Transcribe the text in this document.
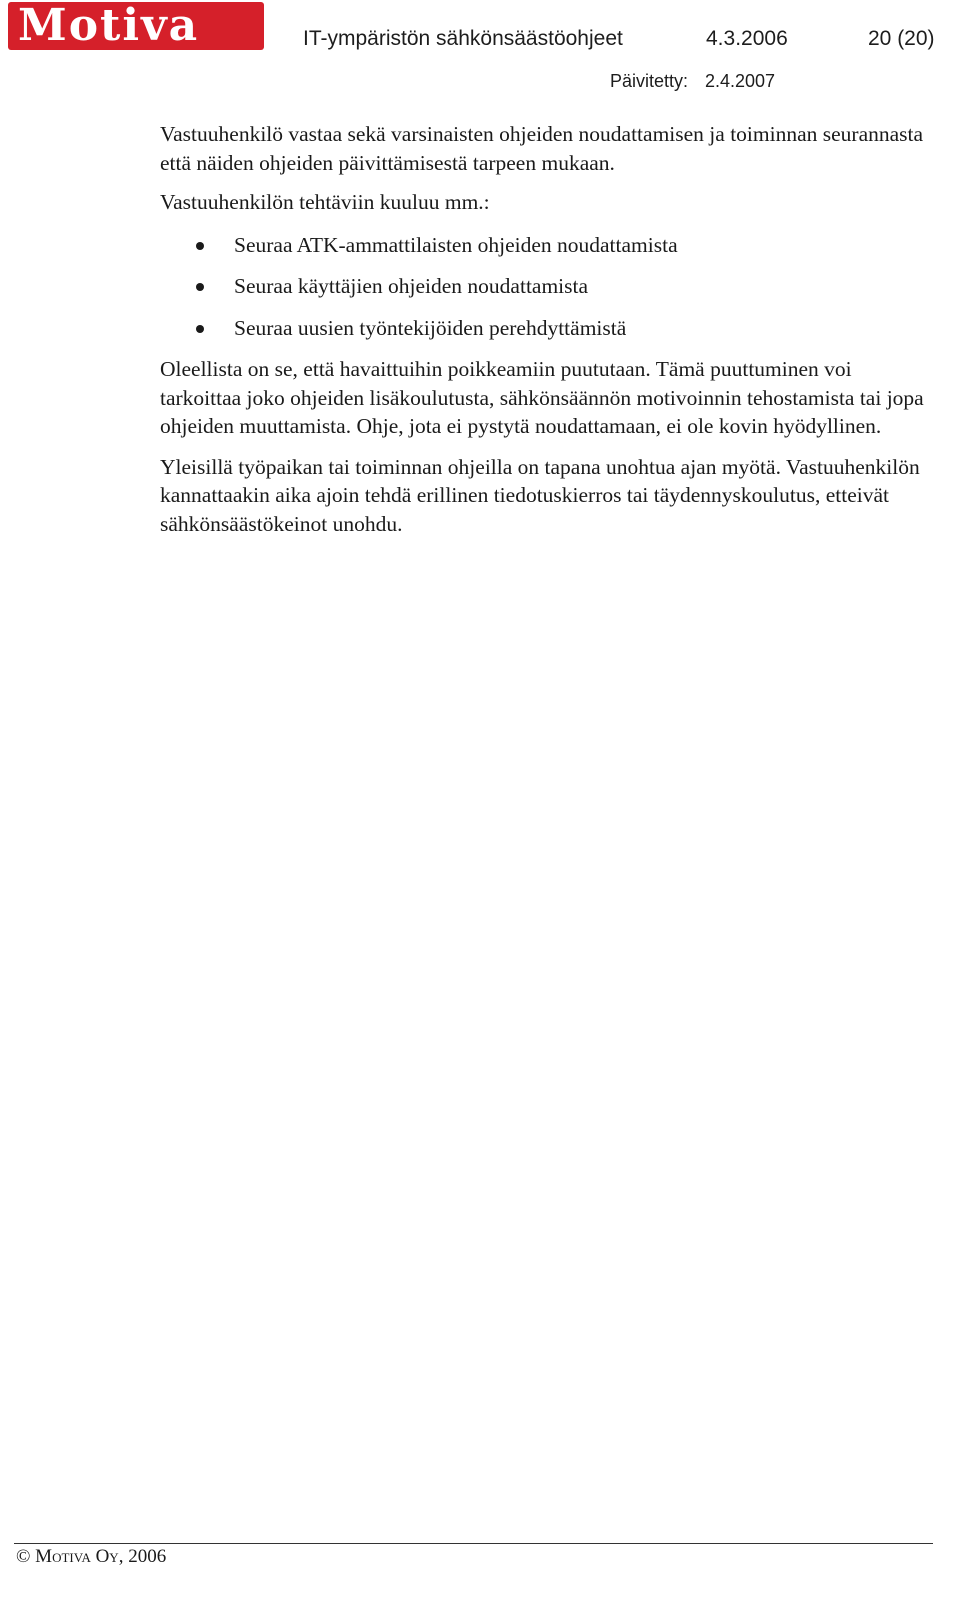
Motiva	IT-ympäristön sähkönsäästöohjeet	4.3.2006	20 (20)
Päivitetty: 2.4.2007

Vastuuhenkilö vastaa sekä varsinaisten ohjeiden noudattamisen ja toiminnan seurannasta että näiden ohjeiden päivittämisestä tarpeen mukaan.

Vastuuhenkilön tehtäviin kuuluu mm.:

Seuraa ATK-ammattilaisten ohjeiden noudattamista
Seuraa käyttäjien ohjeiden noudattamista
Seuraa uusien työntekijöiden perehdyttämistä

Oleellista on se, että havaittuihin poikkeamiin puututaan. Tämä puuttuminen voi tarkoittaa joko ohjeiden lisäkoulutusta, sähkönsäännön motivoinnin tehostamista tai jopa ohjeiden muuttamista. Ohje, jota ei pystytä noudattamaan, ei ole kovin hyödyllinen.

Yleisillä työpaikan tai toiminnan ohjeilla on tapana unohtua ajan myötä. Vastuuhenkilön kannattaakin aika ajoin tehdä erillinen tiedotuskierros tai täydennyskoulutus, etteivät sähkönsäästökeinot unohdu.

© Motiva Oy, 2006
